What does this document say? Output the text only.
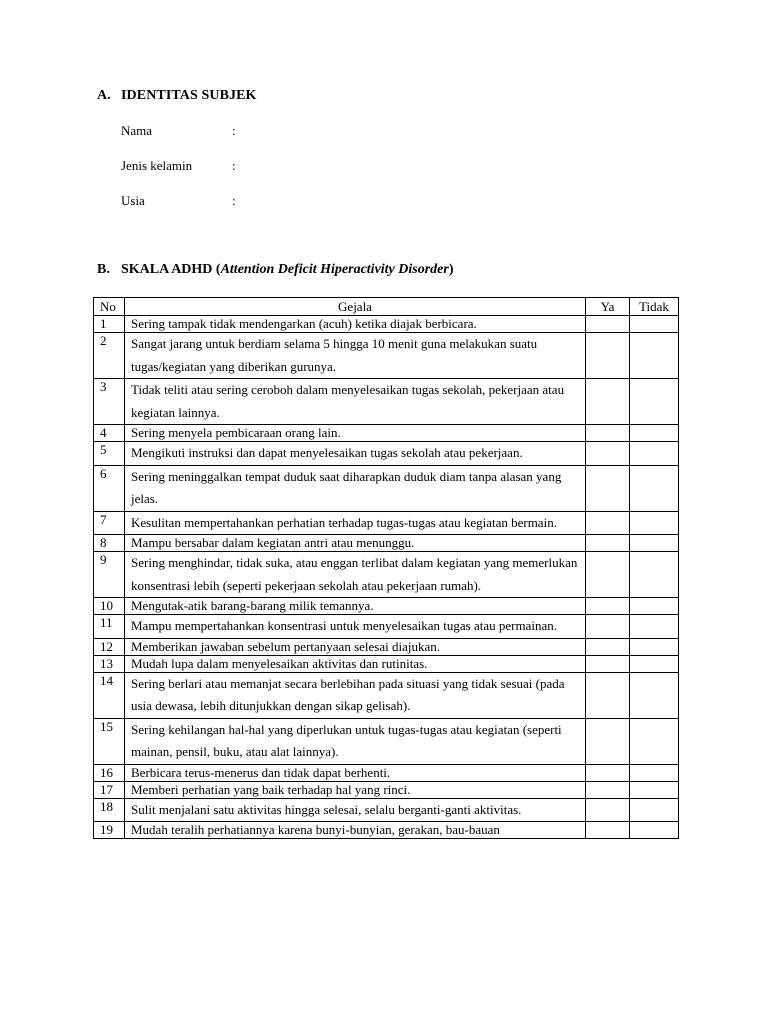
A. IDENTITAS SUBJEK
Nama	:
Jenis kelamin	:
Usia	:
B. SKALA ADHD (Attention Deficit Hiperactivity Disorder)
No	Gejala	Ya	Tidak
1	Sering tampak tidak mendengarkan (acuh) ketika diajak berbicara.		
2	Sangat jarang untuk berdiam selama 5 hingga 10 menit guna melakukan suatu tugas/kegiatan yang diberikan gurunya.		
3	Tidak teliti atau sering ceroboh dalam menyelesaikan tugas sekolah, pekerjaan atau kegiatan lainnya.		
4	Sering menyela pembicaraan orang lain.		
5	Mengikuti instruksi dan dapat menyelesaikan tugas sekolah atau pekerjaan.		
6	Sering meninggalkan tempat duduk saat diharapkan duduk diam tanpa alasan yang jelas.		
7	Kesulitan mempertahankan perhatian terhadap tugas-tugas atau kegiatan bermain.		
8	Mampu bersabar dalam kegiatan antri atau menunggu.		
9	Sering menghindar, tidak suka, atau enggan terlibat dalam kegiatan yang memerlukan konsentrasi lebih (seperti pekerjaan sekolah atau pekerjaan rumah).		
10	Mengutak-atik barang-barang milik temannya.		
11	Mampu mempertahankan konsentrasi untuk menyelesaikan tugas atau permainan.		
12	Memberikan jawaban sebelum pertanyaan selesai diajukan.		
13	Mudah lupa dalam menyelesaikan aktivitas dan rutinitas.		
14	Sering berlari atau memanjat secara berlebihan pada situasi yang tidak sesuai (pada usia dewasa, lebih ditunjukkan dengan sikap gelisah).		
15	Sering kehilangan hal-hal yang diperlukan untuk tugas-tugas atau kegiatan (seperti mainan, pensil, buku, atau alat lainnya).		
16	Berbicara terus-menerus dan tidak dapat berhenti.		
17	Memberi perhatian yang baik terhadap hal yang rinci.		
18	Sulit menjalani satu aktivitas hingga selesai, selalu berganti-ganti aktivitas.		
19	Mudah teralih perhatiannya karena bunyi-bunyian, gerakan, bau-bauan		
